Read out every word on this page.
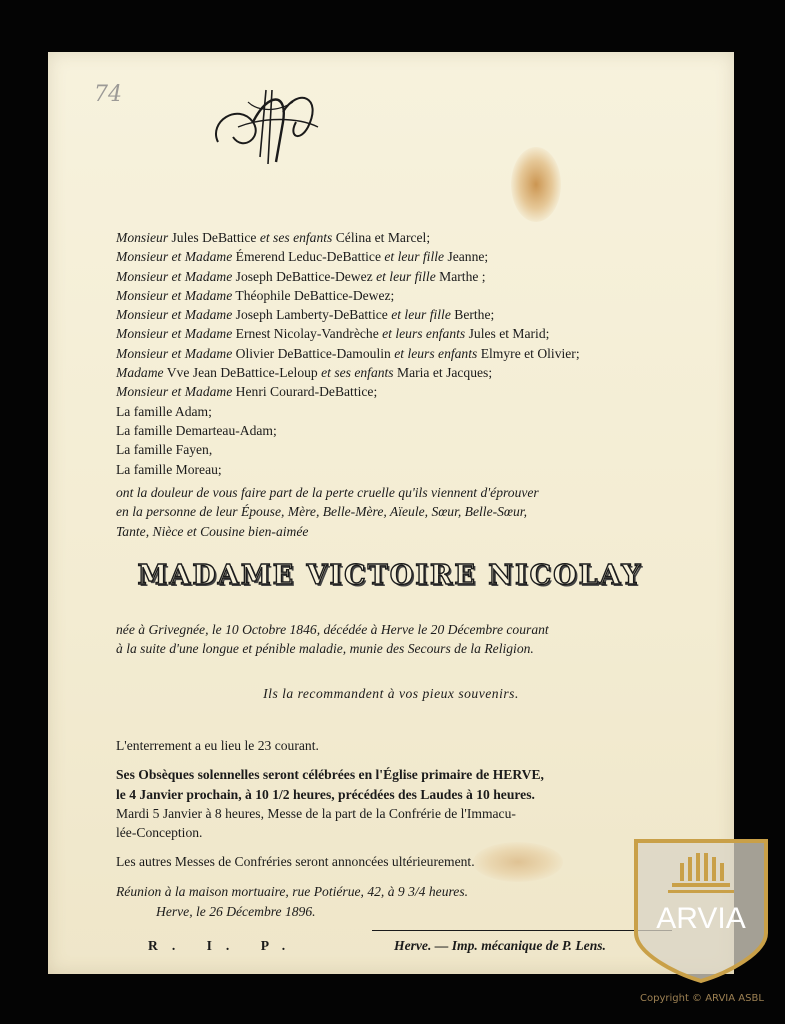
74
Monsieur Jules DeBattice et ses enfants Célina et Marcel;
Monsieur et Madame Émerend Leduc-DeBattice et leur fille Jeanne;
Monsieur et Madame Joseph DeBattice-Dewez et leur fille Marthe ;
Monsieur et Madame Théophile DeBattice-Dewez;
Monsieur et Madame Joseph Lamberty-DeBattice et leur fille Berthe;
Monsieur et Madame Ernest Nicolay-Vandrèche et leurs enfants Jules et Marid;
Monsieur et Madame Olivier DeBattice-Damoulin et leurs enfants Elmyre et Olivier;
Madame Vve Jean DeBattice-Leloup et ses enfants Maria et Jacques;
Monsieur et Madame Henri Courard-DeBattice;
La famille Adam;
La famille Demarteau-Adam;
La famille Fayen,
La famille Moreau;
ont la douleur de vous faire part de la perte cruelle qu'ils viennent d'éprouver
en la personne de leur Épouse, Mère, Belle-Mère, Aïeule, Sœur, Belle-Sœur,
Tante, Nièce et Cousine bien-aimée
MADAME VICTOIRE NICOLAY
née à Grivegnée, le 10 Octobre 1846, décédée à Herve le 20 Décembre courant
à la suite d'une longue et pénible maladie, munie des Secours de la Religion.
Ils la recommandent à vos pieux souvenirs.
L'enterrement a eu lieu le 23 courant.
Ses Obsèques solennelles seront célébrées en l'Église primaire de HERVE,
le 4 Janvier prochain, à 10 1/2 heures, précédées des Laudes à 10 heures.
Mardi 5 Janvier à 8 heures, Messe de la part de la Confrérie de l'Immacu-
lée-Conception.
Les autres Messes de Confréries seront annoncées ultérieurement.
Réunion à la maison mortuaire, rue Potiérue, 42, à 9 3/4 heures.
Herve, le 26 Décembre 1896.
R. I. P.	Herve. — Imp. mécanique de P. Lens.
ARVIA
Copyright © ARVIA ASBL
